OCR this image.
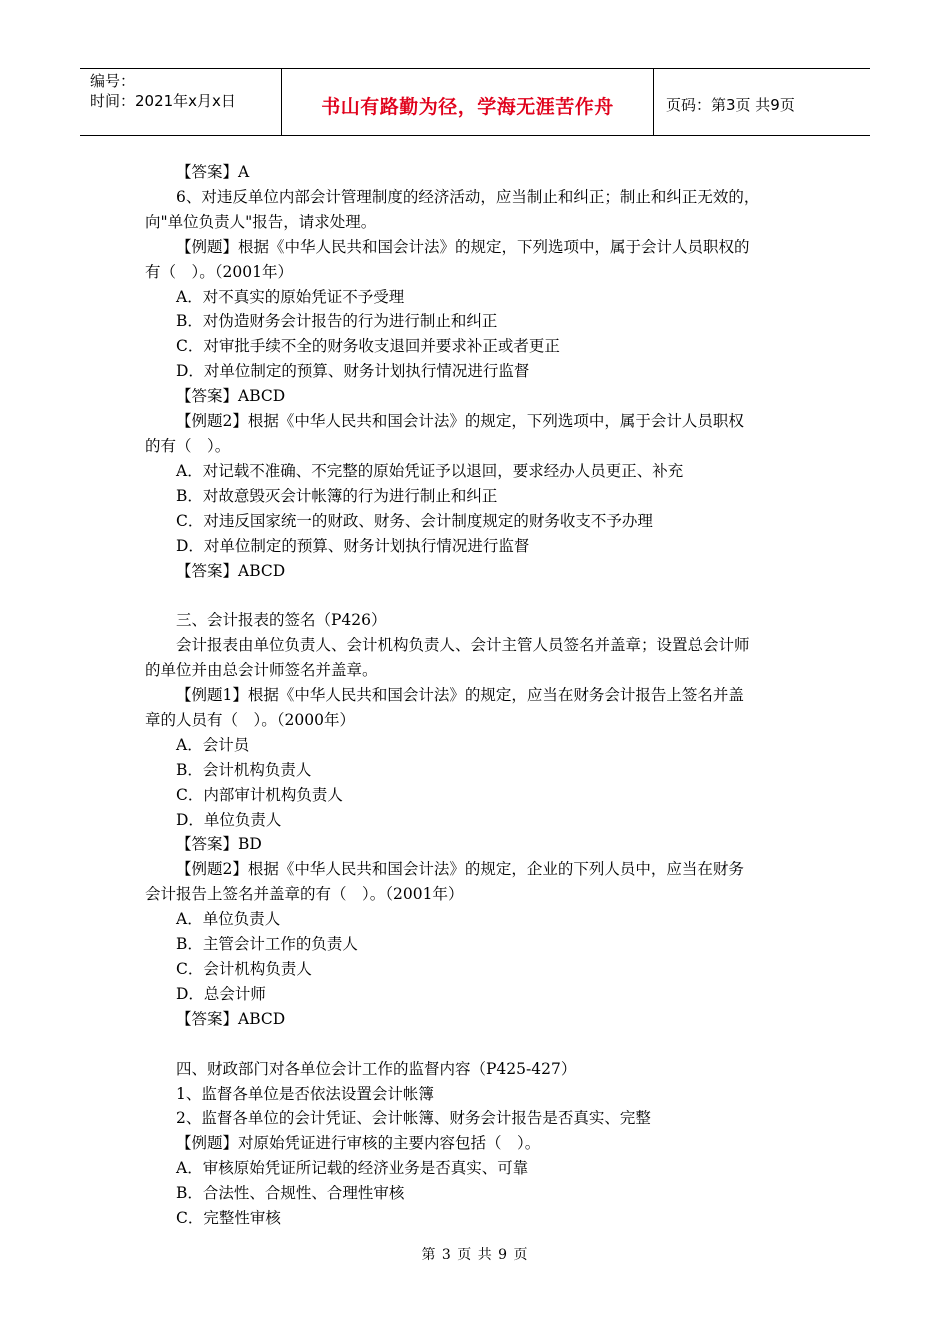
编号：
时间：2021年x月x日	书山有路勤为径，学海无涯苦作舟	页码：第3页 共9页

【答案】A

6、对违反单位内部会计管理制度的经济活动，应当制止和纠正；制止和纠正无效的，

向"单位负责人"报告，请求处理。

【例题】根据《中华人民共和国会计法》的规定，下列选项中，属于会计人员职权的

有（　）。（2001年）

A．对不真实的原始凭证不予受理

B．对伪造财务会计报告的行为进行制止和纠正

C．对审批手续不全的财务收支退回并要求补正或者更正

D．对单位制定的预算、财务计划执行情况进行监督

【答案】ABCD

【例题2】根据《中华人民共和国会计法》的规定，下列选项中，属于会计人员职权

的有（　）。

A．对记载不准确、不完整的原始凭证予以退回，要求经办人员更正、补充

B．对故意毁灭会计帐簿的行为进行制止和纠正

C．对违反国家统一的财政、财务、会计制度规定的财务收支不予办理

D．对单位制定的预算、财务计划执行情况进行监督

【答案】ABCD

三、会计报表的签名（P426）

会计报表由单位负责人、会计机构负责人、会计主管人员签名并盖章；设置总会计师

的单位并由总会计师签名并盖章。

【例题1】根据《中华人民共和国会计法》的规定，应当在财务会计报告上签名并盖

章的人员有（　）。（2000年）

A．会计员

B．会计机构负责人

C．内部审计机构负责人

D．单位负责人

【答案】BD

【例题2】根据《中华人民共和国会计法》的规定，企业的下列人员中，应当在财务

会计报告上签名并盖章的有（　）。（2001年）

A．单位负责人

B．主管会计工作的负责人

C．会计机构负责人

D．总会计师

【答案】ABCD

四、财政部门对各单位会计工作的监督内容（P425-427）

1、监督各单位是否依法设置会计帐簿

2、监督各单位的会计凭证、会计帐簿、财务会计报告是否真实、完整

【例题】对原始凭证进行审核的主要内容包括（　）。

A．审核原始凭证所记载的经济业务是否真实、可靠

B．合法性、合规性、合理性审核

C．完整性审核

第 3 页 共 9 页
